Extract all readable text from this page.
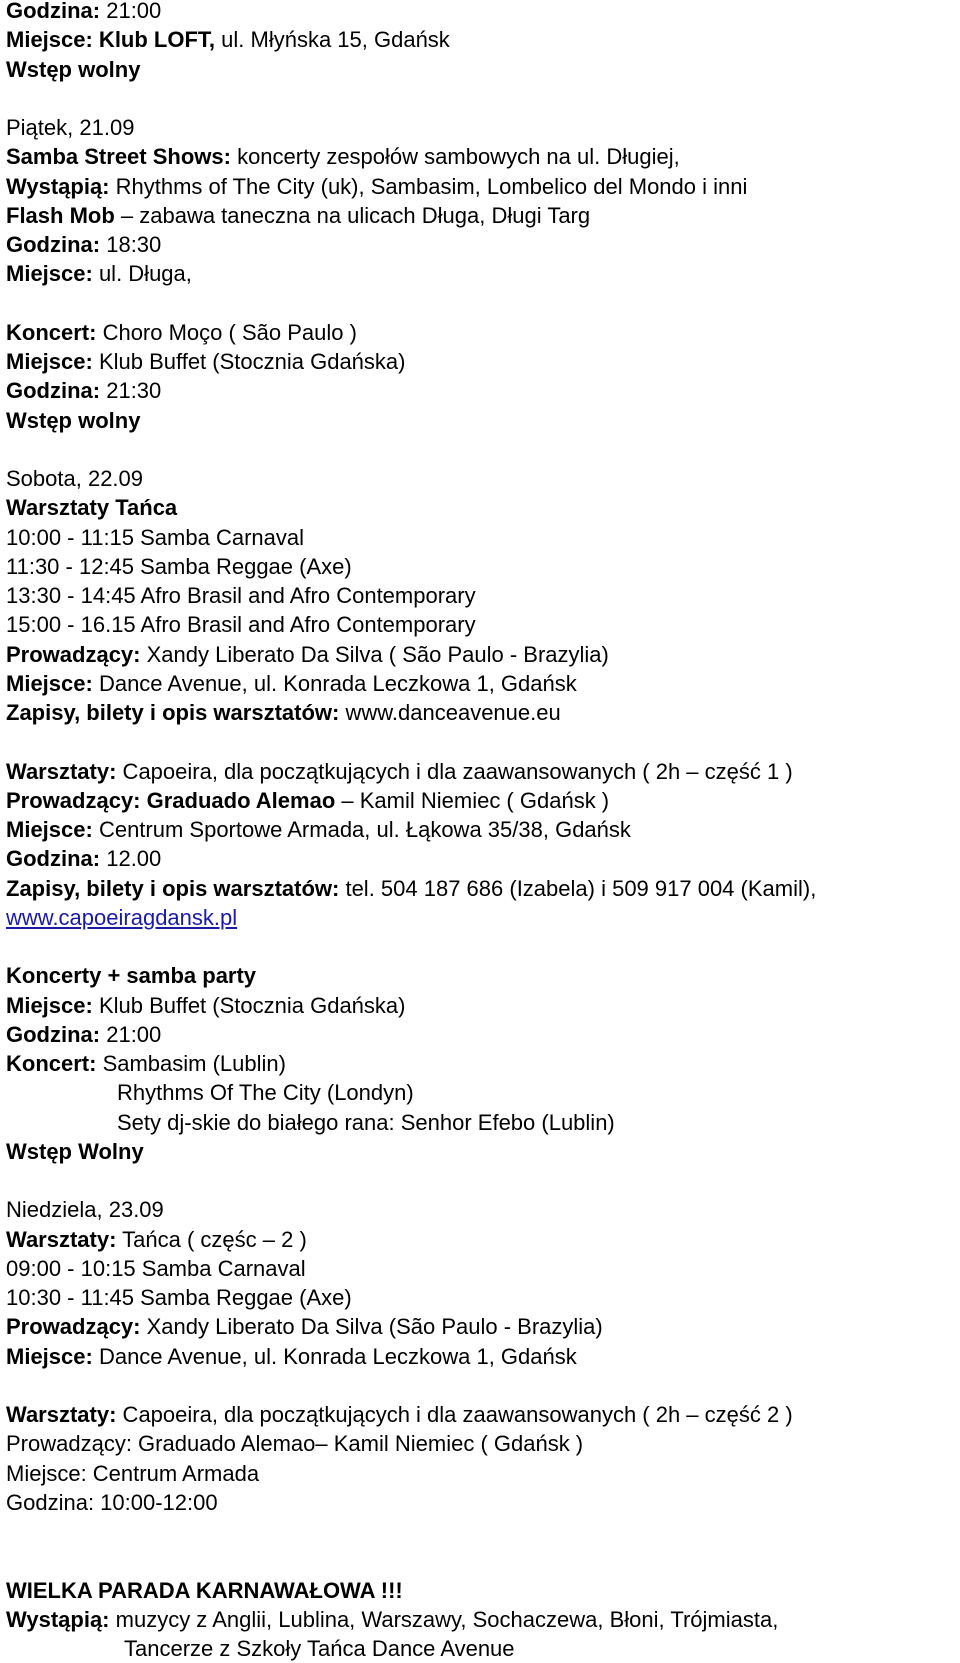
Godzina: 21:00
Miejsce: Klub LOFT, ul. Młyńska 15, Gdańsk
Wstęp wolny
Piątek, 21.09
Samba Street Shows: koncerty zespołów sambowych na ul. Długiej,
Wystąpią: Rhythms of The City (uk), Sambasim, Lombelico del Mondo i inni
Flash Mob – zabawa taneczna na ulicach Długa, Długi Targ
Godzina: 18:30
Miejsce: ul. Długa,
Koncert: Choro Moço ( São Paulo )
Miejsce: Klub Buffet (Stocznia Gdańska)
Godzina: 21:30
Wstęp wolny
Sobota, 22.09
Warsztaty Tańca
10:00 - 11:15 Samba Carnaval
11:30 - 12:45 Samba Reggae (Axe)
13:30 - 14:45 Afro Brasil and Afro Contemporary
15:00 - 16.15 Afro Brasil and Afro Contemporary
Prowadzący: Xandy Liberato Da Silva ( São Paulo - Brazylia)
Miejsce: Dance Avenue, ul. Konrada Leczkowa 1, Gdańsk
Zapisy, bilety i opis warsztatów: www.danceavenue.eu
Warsztaty: Capoeira, dla początkujących i dla zaawansowanych ( 2h – część 1 )
Prowadzący: Graduado Alemao – Kamil Niemiec ( Gdańsk )
Miejsce: Centrum Sportowe Armada, ul. Łąkowa 35/38, Gdańsk
Godzina: 12.00
Zapisy, bilety i opis warsztatów: tel. 504 187 686 (Izabela) i 509 917 004 (Kamil),
www.capoeiragdansk.pl
Koncerty + samba party
Miejsce: Klub Buffet (Stocznia Gdańska)
Godzina: 21:00
Koncert: Sambasim (Lublin)
Rhythms Of The City (Londyn)
Sety dj-skie do białego rana: Senhor Efebo (Lublin)
Wstęp Wolny
Niedziela, 23.09
Warsztaty: Tańca ( częśc – 2 )
09:00 - 10:15 Samba Carnaval
10:30 - 11:45 Samba Reggae (Axe)
Prowadzący: Xandy Liberato Da Silva (São Paulo - Brazylia)
Miejsce: Dance Avenue, ul. Konrada Leczkowa 1, Gdańsk
Warsztaty: Capoeira, dla początkujących i dla zaawansowanych ( 2h – część 2 )
Prowadzący: Graduado Alemao– Kamil Niemiec ( Gdańsk )
Miejsce: Centrum Armada
Godzina: 10:00-12:00
WIELKA PARADA KARNAWAŁOWA !!!
Wystąpią: muzycy z Anglii, Lublina, Warszawy, Sochaczewa, Błoni, Trójmiasta,
Tancerze z Szkoły Tańca Dance Avenue
